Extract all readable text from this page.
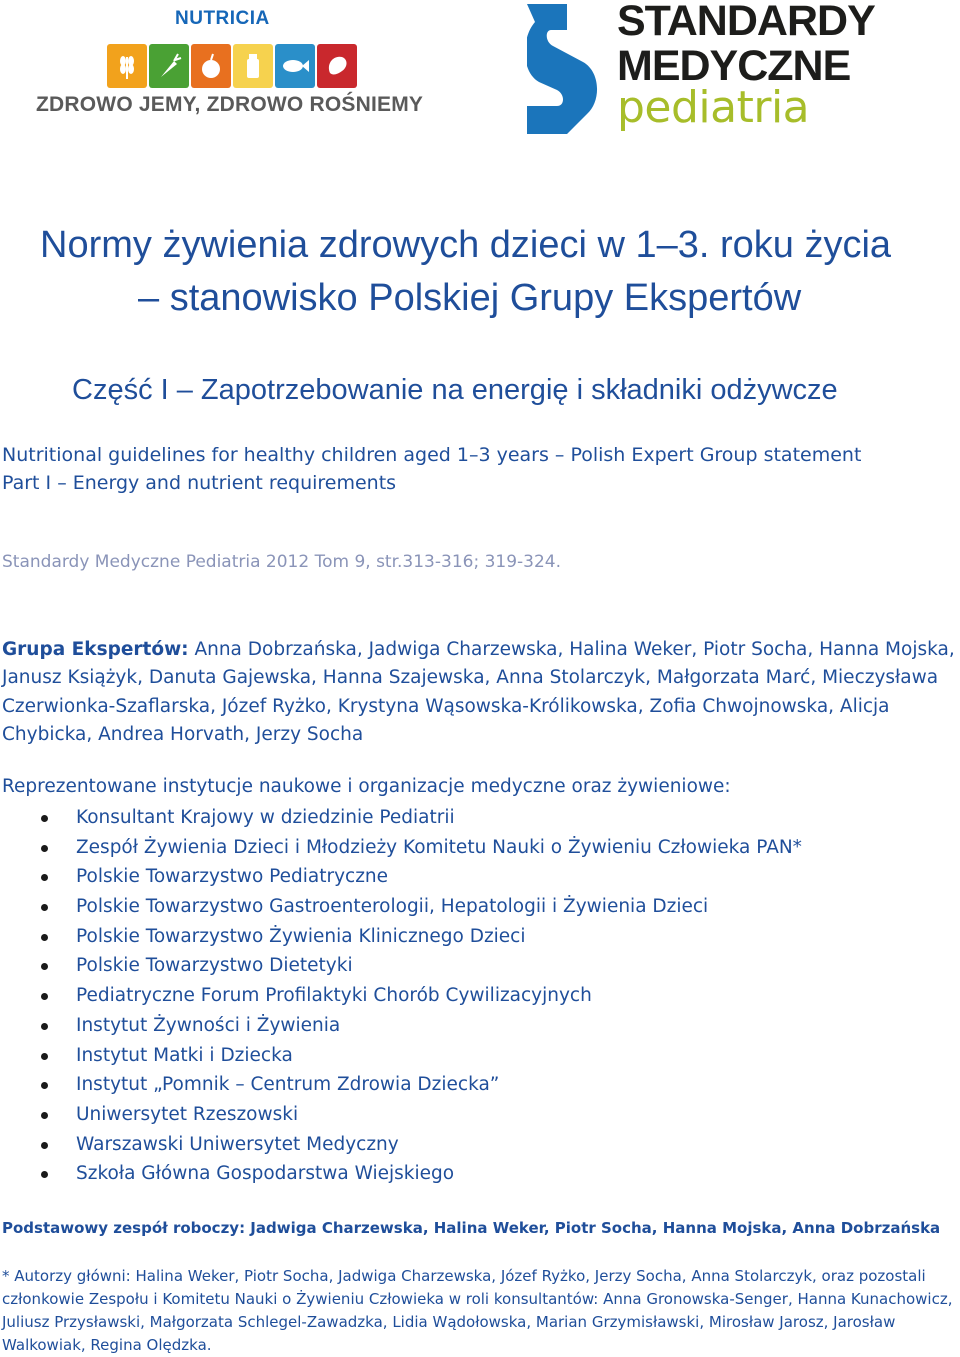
NUTRICIA
ZDROWO JEMY, ZDROWO ROŚNIEMY
STANDARDY
MEDYCZNE
pediatria
Normy żywienia zdrowych dzieci w 1–3. roku życia
– stanowisko Polskiej Grupy Ekspertów
Część I – Zapotrzebowanie na energię i składniki odżywcze
Nutritional guidelines for healthy children aged 1–3 years – Polish Expert Group statement
Part I – Energy and nutrient requirements
Standardy Medyczne Pediatria 2012 Tom 9, str.313-316; 319-324.
Grupa Ekspertów: Anna Dobrzańska, Jadwiga Charzewska, Halina Weker, Piotr Socha, Hanna Mojska, Janusz Książyk, Danuta Gajewska, Hanna Szajewska, Anna Stolarczyk, Małgorzata Marć, Mieczysława Czerwionka-Szaflarska, Józef Ryżko, Krystyna Wąsowska-Królikowska, Zofia Chwojnowska, Alicja Chybicka, Andrea Horvath, Jerzy Socha
Reprezentowane instytucje naukowe i organizacje medyczne oraz żywieniowe:
Konsultant Krajowy w dziedzinie Pediatrii
Zespół Żywienia Dzieci i Młodzieży Komitetu Nauki o Żywieniu Człowieka PAN*
Polskie Towarzystwo Pediatryczne
Polskie Towarzystwo Gastroenterologii, Hepatologii i Żywienia Dzieci
Polskie Towarzystwo Żywienia Klinicznego Dzieci
Polskie Towarzystwo Dietetyki
Pediatryczne Forum Profilaktyki Chorób Cywilizacyjnych
Instytut Żywności i Żywienia
Instytut Matki i Dziecka
Instytut „Pomnik – Centrum Zdrowia Dziecka”
Uniwersytet Rzeszowski
Warszawski Uniwersytet Medyczny
Szkoła Główna Gospodarstwa Wiejskiego
Podstawowy zespół roboczy: Jadwiga Charzewska, Halina Weker, Piotr Socha, Hanna Mojska, Anna Dobrzańska
* Autorzy główni: Halina Weker, Piotr Socha, Jadwiga Charzewska, Józef Ryżko, Jerzy Socha, Anna Stolarczyk, oraz pozostali członkowie Zespołu i Komitetu Nauki o Żywieniu Człowieka w roli konsultantów: Anna Gronowska-Senger, Hanna Kunachowicz, Juliusz Przysławski, Małgorzata Schlegel-Zawadzka, Lidia Wądołowska, Marian Grzymisławski, Mirosław Jarosz, Jarosław Walkowiak, Regina Olędzka.
